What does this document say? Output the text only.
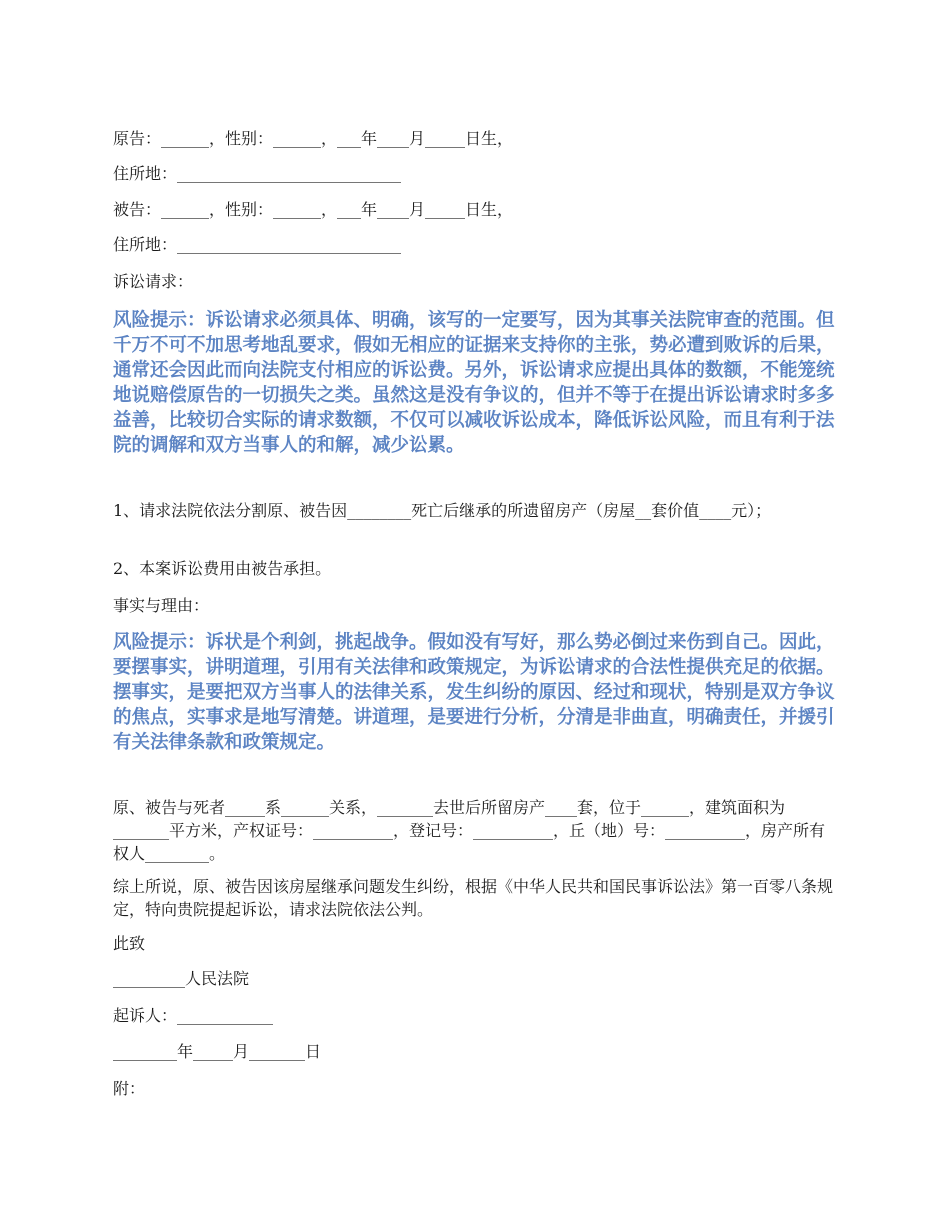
原告：______，性别：______，___年____月_____日生，

住所地：____________________________

被告：______，性别：______，___年____月_____日生，

住所地：____________________________

诉讼请求：

风险提示：诉讼请求必须具体、明确，该写的一定要写，因为其事关法院审查的范围。但千万不可不加思考地乱要求，假如无相应的证据来支持你的主张，势必遭到败诉的后果，通常还会因此而向法院支付相应的诉讼费。另外，诉讼请求应提出具体的数额，不能笼统地说赔偿原告的一切损失之类。虽然这是没有争议的，但并不等于在提出诉讼请求时多多益善，比较切合实际的请求数额，不仅可以减收诉讼成本，降低诉讼风险，而且有利于法院的调解和双方当事人的和解，减少讼累。

1、请求法院依法分割原、被告因________死亡后继承的所遗留房产（房屋__套价值____元）；

2、本案诉讼费用由被告承担。

事实与理由：

风险提示：诉状是个利剑，挑起战争。假如没有写好，那么势必倒过来伤到自己。因此，要摆事实，讲明道理，引用有关法律和政策规定，为诉讼请求的合法性提供充足的依据。摆事实，是要把双方当事人的法律关系，发生纠纷的原因、经过和现状，特别是双方争议的焦点，实事求是地写清楚。讲道理，是要进行分析，分清是非曲直，明确责任，并援引有关法律条款和政策规定。

原、被告与死者_____系______关系，_______去世后所留房产____套，位于______，建筑面积为_______平方米，产权证号：__________，登记号：__________，丘（地）号：__________，房产所有权人________。

综上所说，原、被告因该房屋继承问题发生纠纷，根据《中华人民共和国民事诉讼法》第一百零八条规定，特向贵院提起诉讼，请求法院依法公判。

此致

_________人民法院

起诉人：____________

________年_____月_______日

附：
